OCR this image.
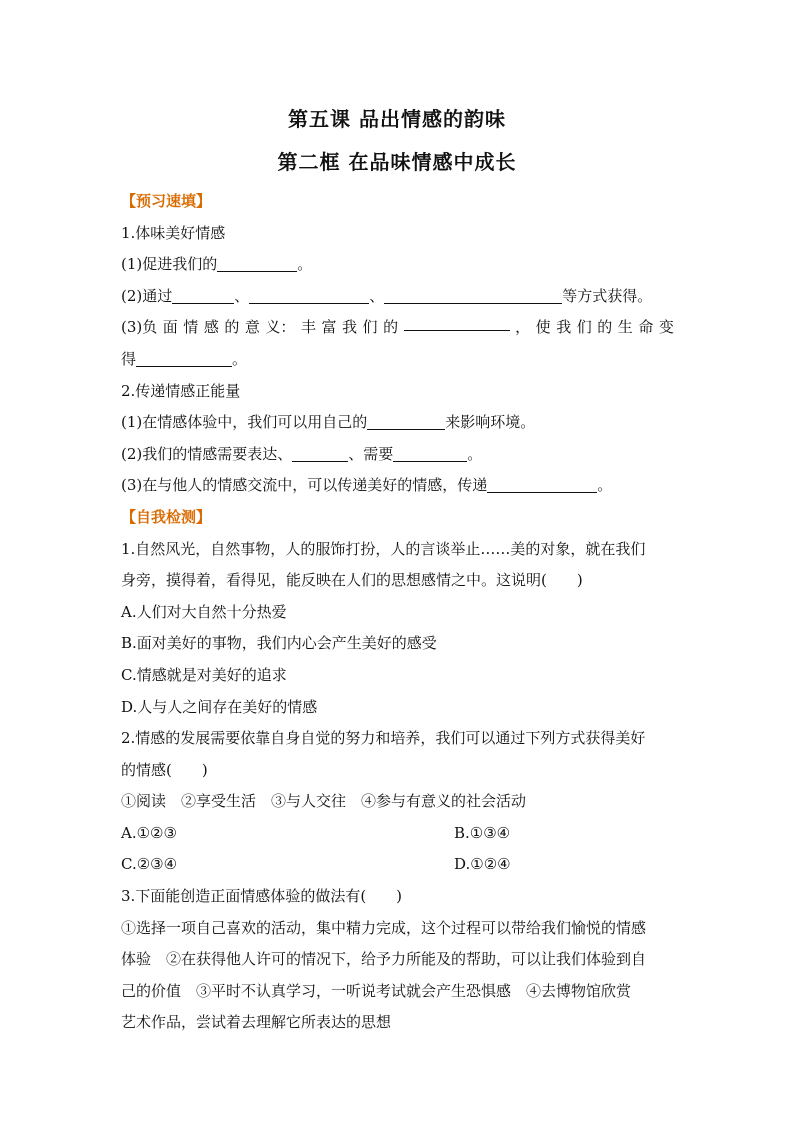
第五课 品出情感的韵味
第二框 在品味情感中成长
【预习速填】
1.体味美好情感
(1)促进我们的	。
(2)通过	、	、	等方式获得。
(3)负 面 情 感 的 意 义： 丰 富 我 们 的	， 使 我 们 的 生 命 变
得	。
2.传递情感正能量
(1)在情感体验中，我们可以用自己的	来影响环境。
(2)我们的情感需要表达、	、需要	。
(3)在与他人的情感交流中，可以传递美好的情感，传递	。
【自我检测】
1.自然风光，自然事物，人的服饰打扮，人的言谈举止……美的对象，就在我们
身旁，摸得着，看得见，能反映在人们的思想感情之中。这说明(　　)
A.人们对大自然十分热爱
B.面对美好的事物，我们内心会产生美好的感受
C.情感就是对美好的追求
D.人与人之间存在美好的情感
2.情感的发展需要依靠自身自觉的努力和培养，我们可以通过下列方式获得美好
的情感(　　)
①阅读　②享受生活　③与人交往　④参与有意义的社会活动
A.①②③	B.①③④
C.②③④	D.①②④
3.下面能创造正面情感体验的做法有(　　)
①选择一项自己喜欢的活动，集中精力完成，这个过程可以带给我们愉悦的情感
体验　②在获得他人许可的情况下，给予力所能及的帮助，可以让我们体验到自
己的价值　③平时不认真学习，一听说考试就会产生恐惧感　④去博物馆欣赏
艺术作品，尝试着去理解它所表达的思想
